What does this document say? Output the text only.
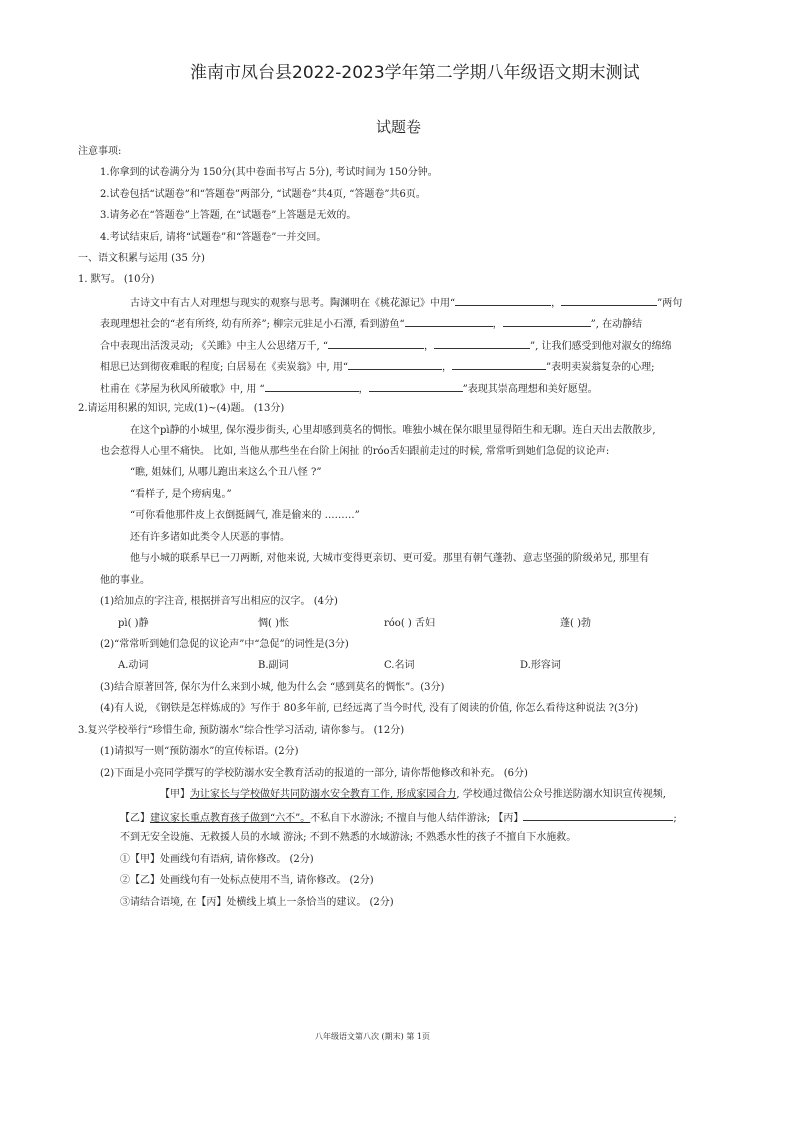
淮南市凤台县2022-2023学年第二学期八年级语文期末测试
试题卷
注意事项:
1.你拿到的试卷满分为 150分(其中卷面书写占 5分), 考试时间为 150分钟。
2.试卷包括“试题卷”和“答题卷”两部分, “试题卷”共4页, “答题卷”共6页。
3.请务必在“答题卷”上答题, 在“试题卷”上答题是无效的。
4.考试结束后, 请将“试题卷”和“答题卷”一并交回。
一、语文积累与运用 (35 分)
1. 默写。 (10分)
古诗文中有古人对理想与现实的观察与思考。陶渊明在《桃花源记》中用“	，	”两句
表现理想社会的“老有所终, 幼有所养”; 柳宗元驻足小石潭, 看到游鱼“	，	”, 在动静结
合中表现出活泼灵动; 《关雎》中主人公思绪万千, “	，	”, 让我们感受到他对淑女的绵绵
相思已达到彻夜难眠的程度; 白居易在《卖炭翁》中, 用“	，	”表明卖炭翁复杂的心理;
杜甫在《茅屋为秋风所破歌》中, 用 “	，	”表现其崇高理想和美好愿望。
2.请运用积累的知识, 完成(1)~(4)题。 (13分)
在这个pì静的小城里, 保尔漫步街头, 心里却感到莫名的惆怅。唯独小城在保尔眼里显得陌生和无聊。连白天出去散散步,
也会惹得人心里不痛快。 比如, 当他从那些坐在台阶上闲扯 的róo舌妇跟前走过的时候, 常常听到她们急促的议论声:
“瞧, 姐妹们, 从哪儿跑出来这么个丑八怪 ?”
“看样子, 是个痨病鬼。”
“可你看他那件皮上衣倒挺阔气, 准是偷来的 ………”
还有许多诸如此类令人厌恶的事情。
他与小城的联系早已一刀两断, 对他来说, 大城市变得更亲切、更可爱。那里有朝气蓬勃、意志坚强的阶级弟兄, 那里有
他的事业。
(1)给加点的字注音, 根据拼音写出相应的汉字。 (4分)
pì( )静	惆( )怅	róo( ) 舌妇	蓬( )勃
(2)“常常听到她们急促的议论声”中“急促”的词性是(3分)
A.动词	B.副词	C.名词	D.形容词
(3)结合原著回答, 保尔为什么来到小城, 他为什么会 “感到莫名的惆怅”。(3分)
(4)有人说, 《钢铁是怎样炼成的》写作于 80多年前, 已经远离了当今时代, 没有了阅读的价值, 你怎么看待这种说法 ?(3分)
3.复兴学校举行“珍惜生命, 预防溺水”综合性学习活动, 请你参与。 (12分)
(1)请拟写一则“预防溺水”的宣传标语。(2分)
(2)下面是小亮同学撰写的学校防溺水安全教育活动的报道的一部分, 请你帮他修改和补充。 (6分)
【甲】为让家长与学校做好共同防溺水安全教育工作, 形成家园合力, 学校通过微信公众号推送防溺水知识宣传视频,
【乙】建议家长重点教育孩子做到“六不”。不私自下水游泳; 不擅自与他人结伴游泳; 【丙】	;
不到无安全设施、无救援人员的水域 游泳; 不到不熟悉的水域游泳; 不熟悉水性的孩子不擅自下水施救。
①【甲】处画线句有语病, 请你修改。 (2分)
②【乙】处画线句有一处标点使用不当, 请你修改。 (2分)
③请结合语境, 在【丙】处横线上填上一条恰当的建议。 (2分)
八年级语文第八次 (期末) 第 1页
